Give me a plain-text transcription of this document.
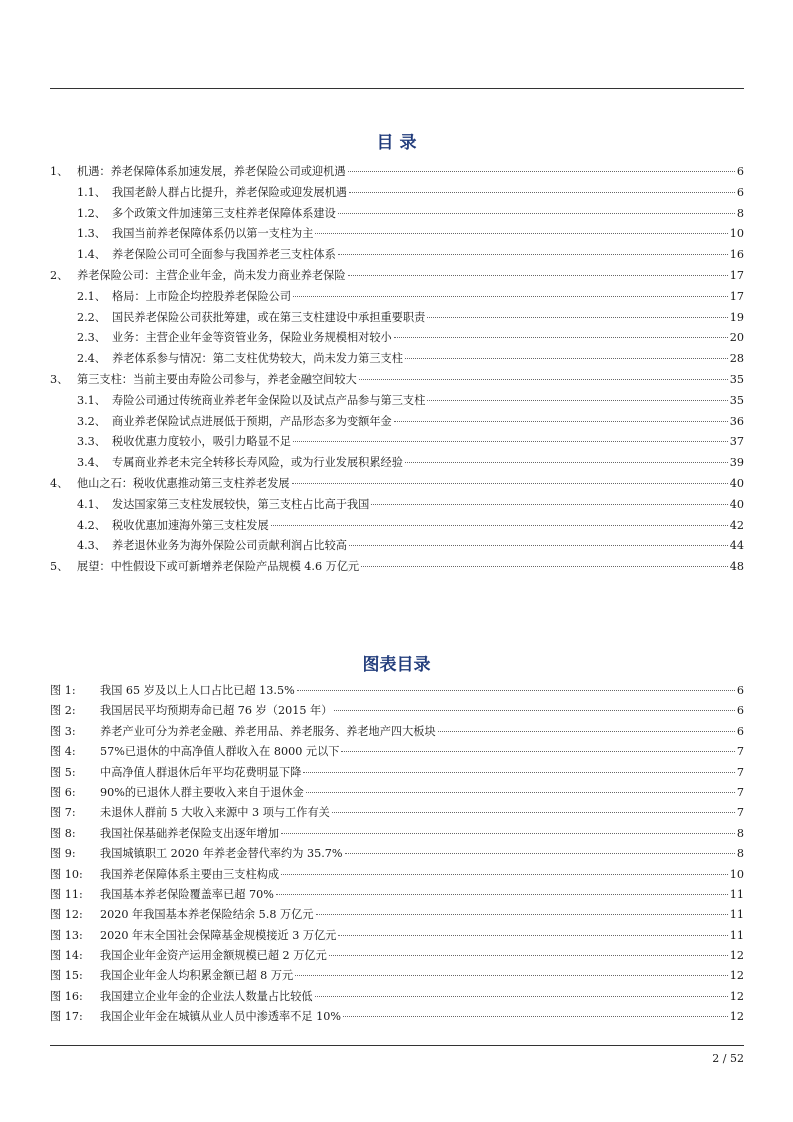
目 录
1、 机遇：养老保障体系加速发展，养老保险公司或迎机遇	6
1.1、 我国老龄人群占比提升，养老保险或迎发展机遇	6
1.2、 多个政策文件加速第三支柱养老保障体系建设	8
1.3、 我国当前养老保障体系仍以第一支柱为主	10
1.4、 养老保险公司可全面参与我国养老三支柱体系	16
2、 养老保险公司：主营企业年金，尚未发力商业养老保险	17
2.1、 格局：上市险企均控股养老保险公司	17
2.2、 国民养老保险公司获批筹建，或在第三支柱建设中承担重要职责	19
2.3、 业务：主营企业年金等资管业务，保险业务规模相对较小	20
2.4、 养老体系参与情况：第二支柱优势较大，尚未发力第三支柱	28
3、 第三支柱：当前主要由寿险公司参与，养老金融空间较大	35
3.1、 寿险公司通过传统商业养老年金保险以及试点产品参与第三支柱	35
3.2、 商业养老保险试点进展低于预期，产品形态多为变额年金	36
3.3、 税收优惠力度较小，吸引力略显不足	37
3.4、 专属商业养老未完全转移长寿风险，或为行业发展积累经验	39
4、 他山之石：税收优惠推动第三支柱养老发展	40
4.1、 发达国家第三支柱发展较快，第三支柱占比高于我国	40
4.2、 税收优惠加速海外第三支柱发展	42
4.3、 养老退休业务为海外保险公司贡献利润占比较高	44
5、 展望：中性假设下或可新增养老保险产品规模 4.6 万亿元	48
图表目录
图 1:	我国 65 岁及以上人口占比已超 13.5%	6
图 2:	我国居民平均预期寿命已超 76 岁（2015 年）	6
图 3:	养老产业可分为养老金融、养老用品、养老服务、养老地产四大板块	6
图 4:	57%已退休的中高净值人群收入在 8000 元以下	7
图 5:	中高净值人群退休后年平均花费明显下降	7
图 6:	90%的已退休人群主要收入来自于退休金	7
图 7:	未退休人群前 5 大收入来源中 3 项与工作有关	7
图 8:	我国社保基础养老保险支出逐年增加	8
图 9:	我国城镇职工 2020 年养老金替代率约为 35.7%	8
图 10:	我国养老保障体系主要由三支柱构成	10
图 11:	我国基本养老保险覆盖率已超 70%	11
图 12:	2020 年我国基本养老保险结余 5.8 万亿元	11
图 13:	2020 年末全国社会保障基金规模接近 3 万亿元	11
图 14:	我国企业年金资产运用金额规模已超 2 万亿元	12
图 15:	我国企业年金人均积累金额已超 8 万元	12
图 16:	我国建立企业年金的企业法人数量占比较低	12
图 17:	我国企业年金在城镇从业人员中渗透率不足 10%	12
2 / 52
